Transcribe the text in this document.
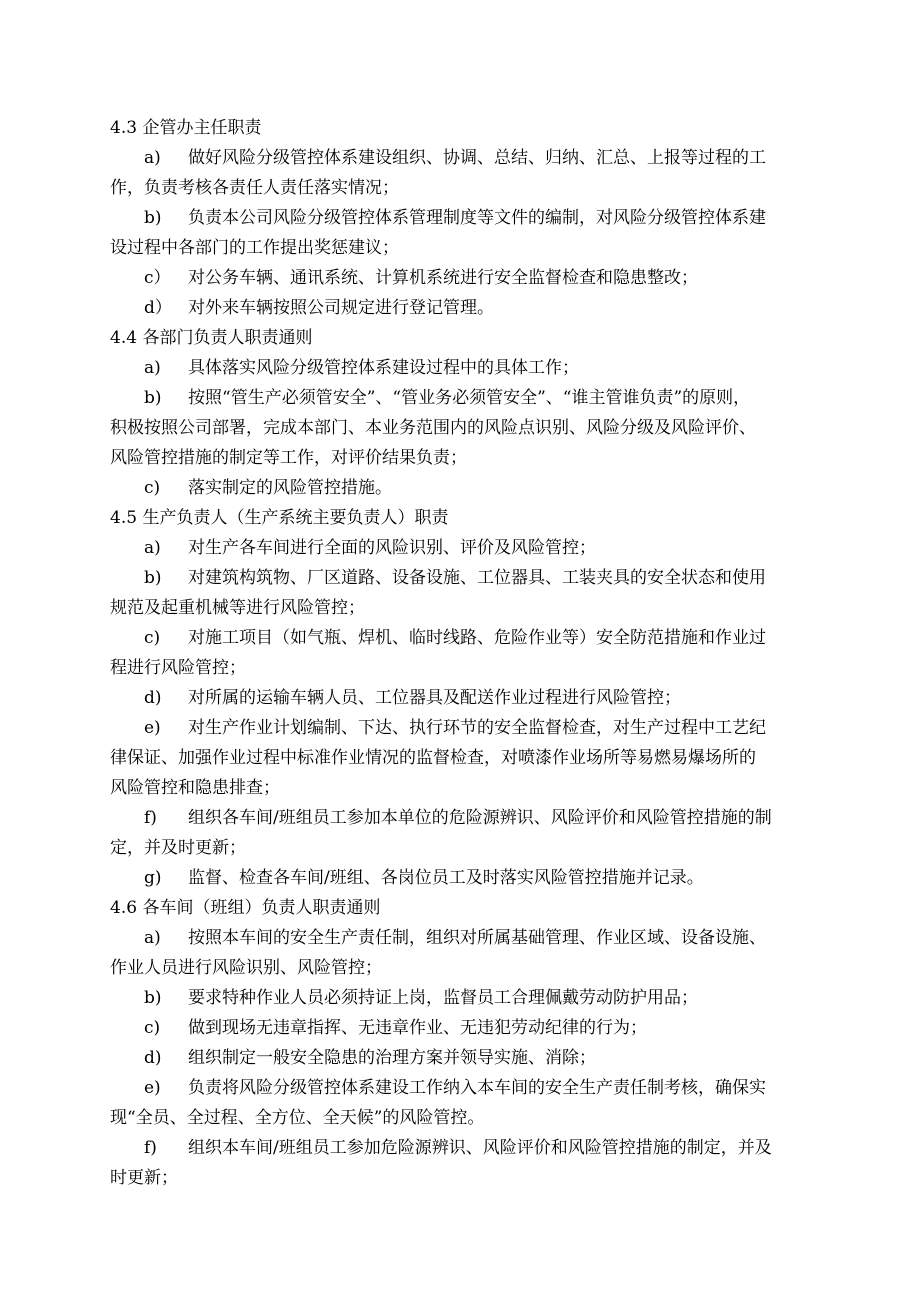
4.3 企管办主任职责
a) 做好风险分级管控体系建设组织、协调、总结、归纳、汇总、上报等过程的工
作，负责考核各责任人责任落实情况；
b) 负责本公司风险分级管控体系管理制度等文件的编制，对风险分级管控体系建
设过程中各部门的工作提出奖惩建议；
c） 对公务车辆、通讯系统、计算机系统进行安全监督检查和隐患整改；
d） 对外来车辆按照公司规定进行登记管理。
4.4 各部门负责人职责通则
a) 具体落实风险分级管控体系建设过程中的具体工作；
b) 按照“管生产必须管安全”、“管业务必须管安全”、“谁主管谁负责”的原则，
积极按照公司部署，完成本部门、本业务范围内的风险点识别、风险分级及风险评价、
风险管控措施的制定等工作，对评价结果负责；
c) 落实制定的风险管控措施。
4.5 生产负责人（生产系统主要负责人）职责
a) 对生产各车间进行全面的风险识别、评价及风险管控；
b) 对建筑构筑物、厂区道路、设备设施、工位器具、工装夹具的安全状态和使用
规范及起重机械等进行风险管控；
c) 对施工项目（如气瓶、焊机、临时线路、危险作业等）安全防范措施和作业过
程进行风险管控；
d) 对所属的运输车辆人员、工位器具及配送作业过程进行风险管控；
e) 对生产作业计划编制、下达、执行环节的安全监督检查，对生产过程中工艺纪
律保证、加强作业过程中标准作业情况的监督检查，对喷漆作业场所等易燃易爆场所的
风险管控和隐患排查；
f) 组织各车间/班组员工参加本单位的危险源辨识、风险评价和风险管控措施的制
定，并及时更新；
g) 监督、检查各车间/班组、各岗位员工及时落实风险管控措施并记录。
4.6 各车间（班组）负责人职责通则
a) 按照本车间的安全生产责任制，组织对所属基础管理、作业区域、设备设施、
作业人员进行风险识别、风险管控；
b) 要求特种作业人员必须持证上岗，监督员工合理佩戴劳动防护用品；
c) 做到现场无违章指挥、无违章作业、无违犯劳动纪律的行为；
d) 组织制定一般安全隐患的治理方案并领导实施、消除；
e) 负责将风险分级管控体系建设工作纳入本车间的安全生产责任制考核，确保实
现“全员、全过程、全方位、全天候”的风险管控。
f) 组织本车间/班组员工参加危险源辨识、风险评价和风险管控措施的制定，并及
时更新；
